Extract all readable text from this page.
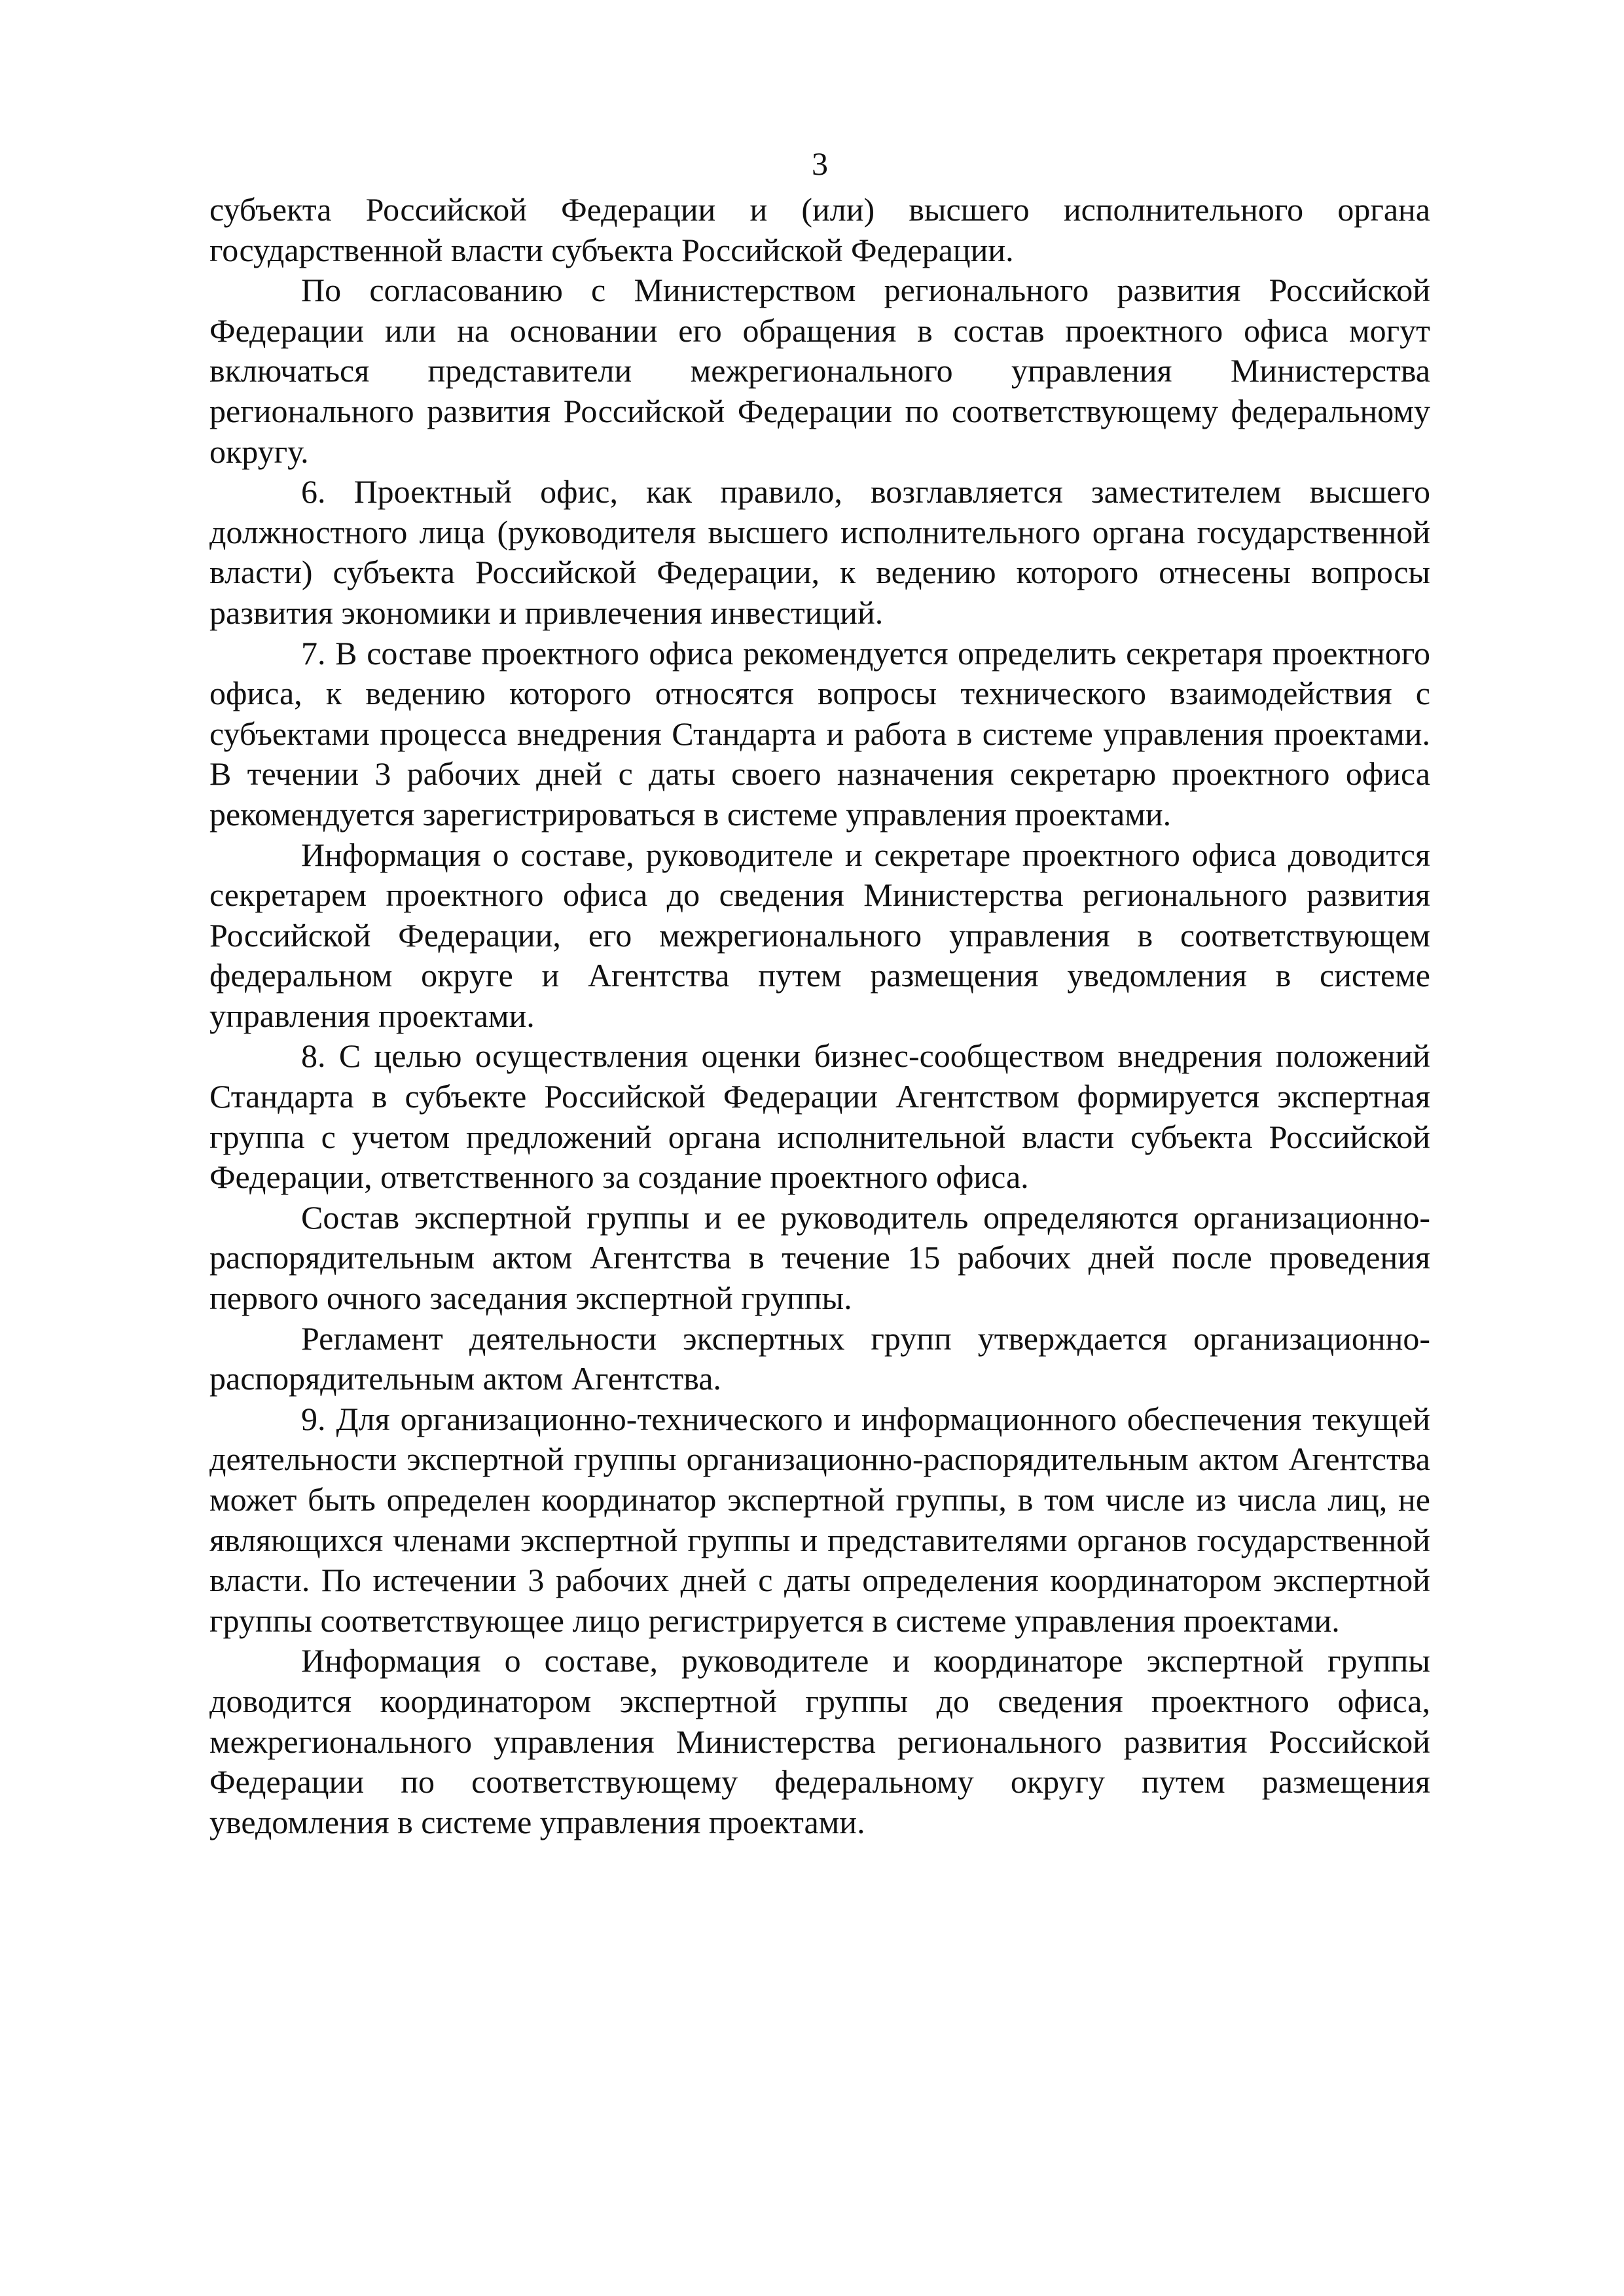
3

субъекта Российской Федерации и (или) высшего исполнительного органа государственной власти субъекта Российской Федерации.

По согласованию с Министерством регионального развития Российской Федерации или на основании его обращения в состав проектного офиса могут включаться представители межрегионального управления Министерства регионального развития Российской Федерации по соответствующему федеральному округу.

6. Проектный офис, как правило, возглавляется заместителем высшего должностного лица (руководителя высшего исполнительного органа государственной власти) субъекта Российской Федерации, к ведению которого отнесены вопросы развития экономики и привлечения инвестиций.

7. В составе проектного офиса рекомендуется определить секретаря проектного офиса, к ведению которого относятся вопросы технического взаимодействия с субъектами процесса внедрения Стандарта и работа в системе управления проектами. В течении 3 рабочих дней с даты своего назначения секретарю проектного офиса рекомендуется зарегистрироваться в системе управления проектами.

Информация о составе, руководителе и секретаре проектного офиса доводится секретарем проектного офиса до сведения Министерства регионального развития Российской Федерации, его межрегионального управления в соответствующем федеральном округе и Агентства путем размещения уведомления в системе управления проектами.

8. С целью осуществления оценки бизнес-сообществом внедрения положений Стандарта в субъекте Российской Федерации Агентством формируется экспертная группа с учетом предложений органа исполнительной власти субъекта Российской Федерации, ответственного за создание проектного офиса.

Состав экспертной группы и ее руководитель определяются организационно-распорядительным актом Агентства в течение 15 рабочих дней после проведения первого очного заседания экспертной группы.

Регламент деятельности экспертных групп утверждается организационно-распорядительным актом Агентства.

9. Для организационно-технического и информационного обеспечения текущей деятельности экспертной группы организационно-распорядительным актом Агентства может быть определен координатор экспертной группы, в том числе из числа лиц, не являющихся членами экспертной группы и представителями органов государственной власти. По истечении 3 рабочих дней с даты определения координатором экспертной группы соответствующее лицо регистрируется в системе управления проектами.

Информация о составе, руководителе и координаторе экспертной группы доводится координатором экспертной группы до сведения проектного офиса, межрегионального управления Министерства регионального развития Российской Федерации по соответствующему федеральному округу путем размещения уведомления в системе управления проектами.
